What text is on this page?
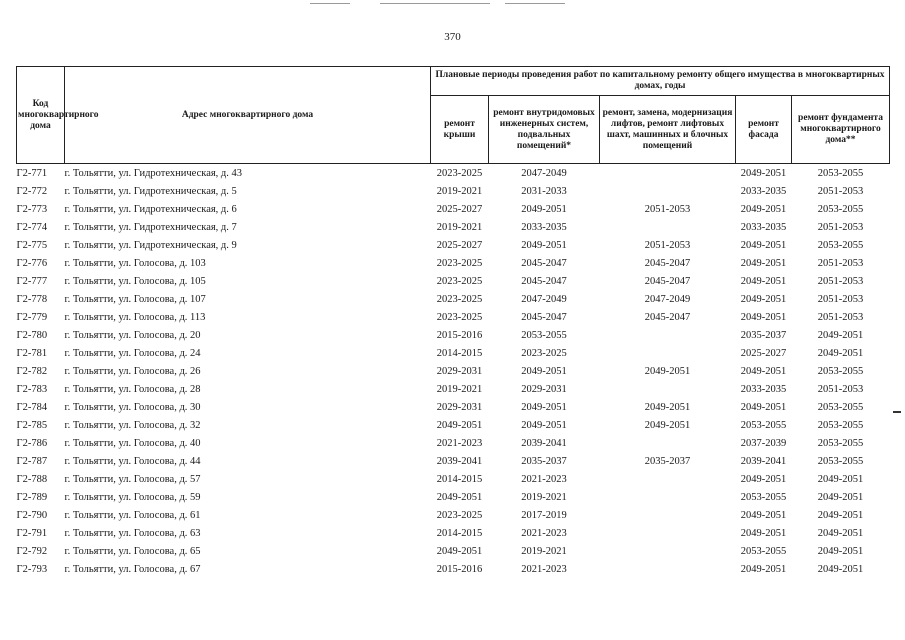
370
Код многоквартирного дома	Адрес многоквартирного дома	Плановые периоды проведения работ по капитальному ремонту общего имущества в многоквартирных домах, годы				
		ремонт крыши	ремонт внутридомовых инженерных систем, подвальных помещений*	ремонт, замена, модернизация лифтов, ремонт лифтовых шахт, машинных и блочных помещений	ремонт фасада	ремонт фундамента многоквартирного дома**
Г2-771	г. Тольятти, ул. Гидротехническая, д. 43	2023-2025	2047-2049		2049-2051	2053-2055
Г2-772	г. Тольятти, ул. Гидротехническая, д. 5	2019-2021	2031-2033		2033-2035	2051-2053
Г2-773	г. Тольятти, ул. Гидротехническая, д. 6	2025-2027	2049-2051	2051-2053	2049-2051	2053-2055
Г2-774	г. Тольятти, ул. Гидротехническая, д. 7	2019-2021	2033-2035		2033-2035	2051-2053
Г2-775	г. Тольятти, ул. Гидротехническая, д. 9	2025-2027	2049-2051	2051-2053	2049-2051	2053-2055
Г2-776	г. Тольятти, ул. Голосова, д. 103	2023-2025	2045-2047	2045-2047	2049-2051	2051-2053
Г2-777	г. Тольятти, ул. Голосова, д. 105	2023-2025	2045-2047	2045-2047	2049-2051	2051-2053
Г2-778	г. Тольятти, ул. Голосова, д. 107	2023-2025	2047-2049	2047-2049	2049-2051	2051-2053
Г2-779	г. Тольятти, ул. Голосова, д. 113	2023-2025	2045-2047	2045-2047	2049-2051	2051-2053
Г2-780	г. Тольятти, ул. Голосова, д. 20	2015-2016	2053-2055		2035-2037	2049-2051
Г2-781	г. Тольятти, ул. Голосова, д. 24	2014-2015	2023-2025		2025-2027	2049-2051
Г2-782	г. Тольятти, ул. Голосова, д. 26	2029-2031	2049-2051	2049-2051	2049-2051	2053-2055
Г2-783	г. Тольятти, ул. Голосова, д. 28	2019-2021	2029-2031		2033-2035	2051-2053
Г2-784	г. Тольятти, ул. Голосова, д. 30	2029-2031	2049-2051	2049-2051	2049-2051	2053-2055
Г2-785	г. Тольятти, ул. Голосова, д. 32	2049-2051	2049-2051	2049-2051	2053-2055	2053-2055
Г2-786	г. Тольятти, ул. Голосова, д. 40	2021-2023	2039-2041		2037-2039	2053-2055
Г2-787	г. Тольятти, ул. Голосова, д. 44	2039-2041	2035-2037	2035-2037	2039-2041	2053-2055
Г2-788	г. Тольятти, ул. Голосова, д. 57	2014-2015	2021-2023		2049-2051	2049-2051
Г2-789	г. Тольятти, ул. Голосова, д. 59	2049-2051	2019-2021		2053-2055	2049-2051
Г2-790	г. Тольятти, ул. Голосова, д. 61	2023-2025	2017-2019		2049-2051	2049-2051
Г2-791	г. Тольятти, ул. Голосова, д. 63	2014-2015	2021-2023		2049-2051	2049-2051
Г2-792	г. Тольятти, ул. Голосова, д. 65	2049-2051	2019-2021		2053-2055	2049-2051
Г2-793	г. Тольятти, ул. Голосова, д. 67	2015-2016	2021-2023		2049-2051	2049-2051
